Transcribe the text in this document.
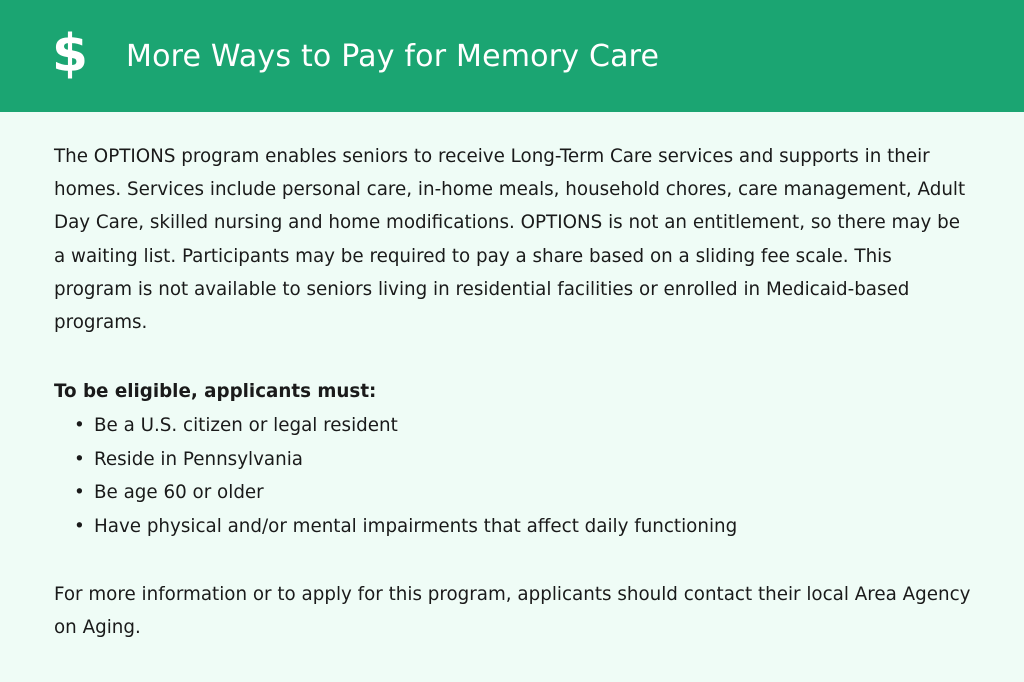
$ More Ways to Pay for Memory Care

The OPTIONS program enables seniors to receive Long-Term Care services and supports in their homes. Services include personal care, in-home meals, household chores, care management, Adult Day Care, skilled nursing and home modifications. OPTIONS is not an entitlement, so there may be a waiting list. Participants may be required to pay a share based on a sliding fee scale. This program is not available to seniors living in residential facilities or enrolled in Medicaid-based programs.

To be eligible, applicants must:

• Be a U.S. citizen or legal resident
• Reside in Pennsylvania
• Be age 60 or older
• Have physical and/or mental impairments that affect daily functioning

For more information or to apply for this program, applicants should contact their local Area Agency on Aging.
